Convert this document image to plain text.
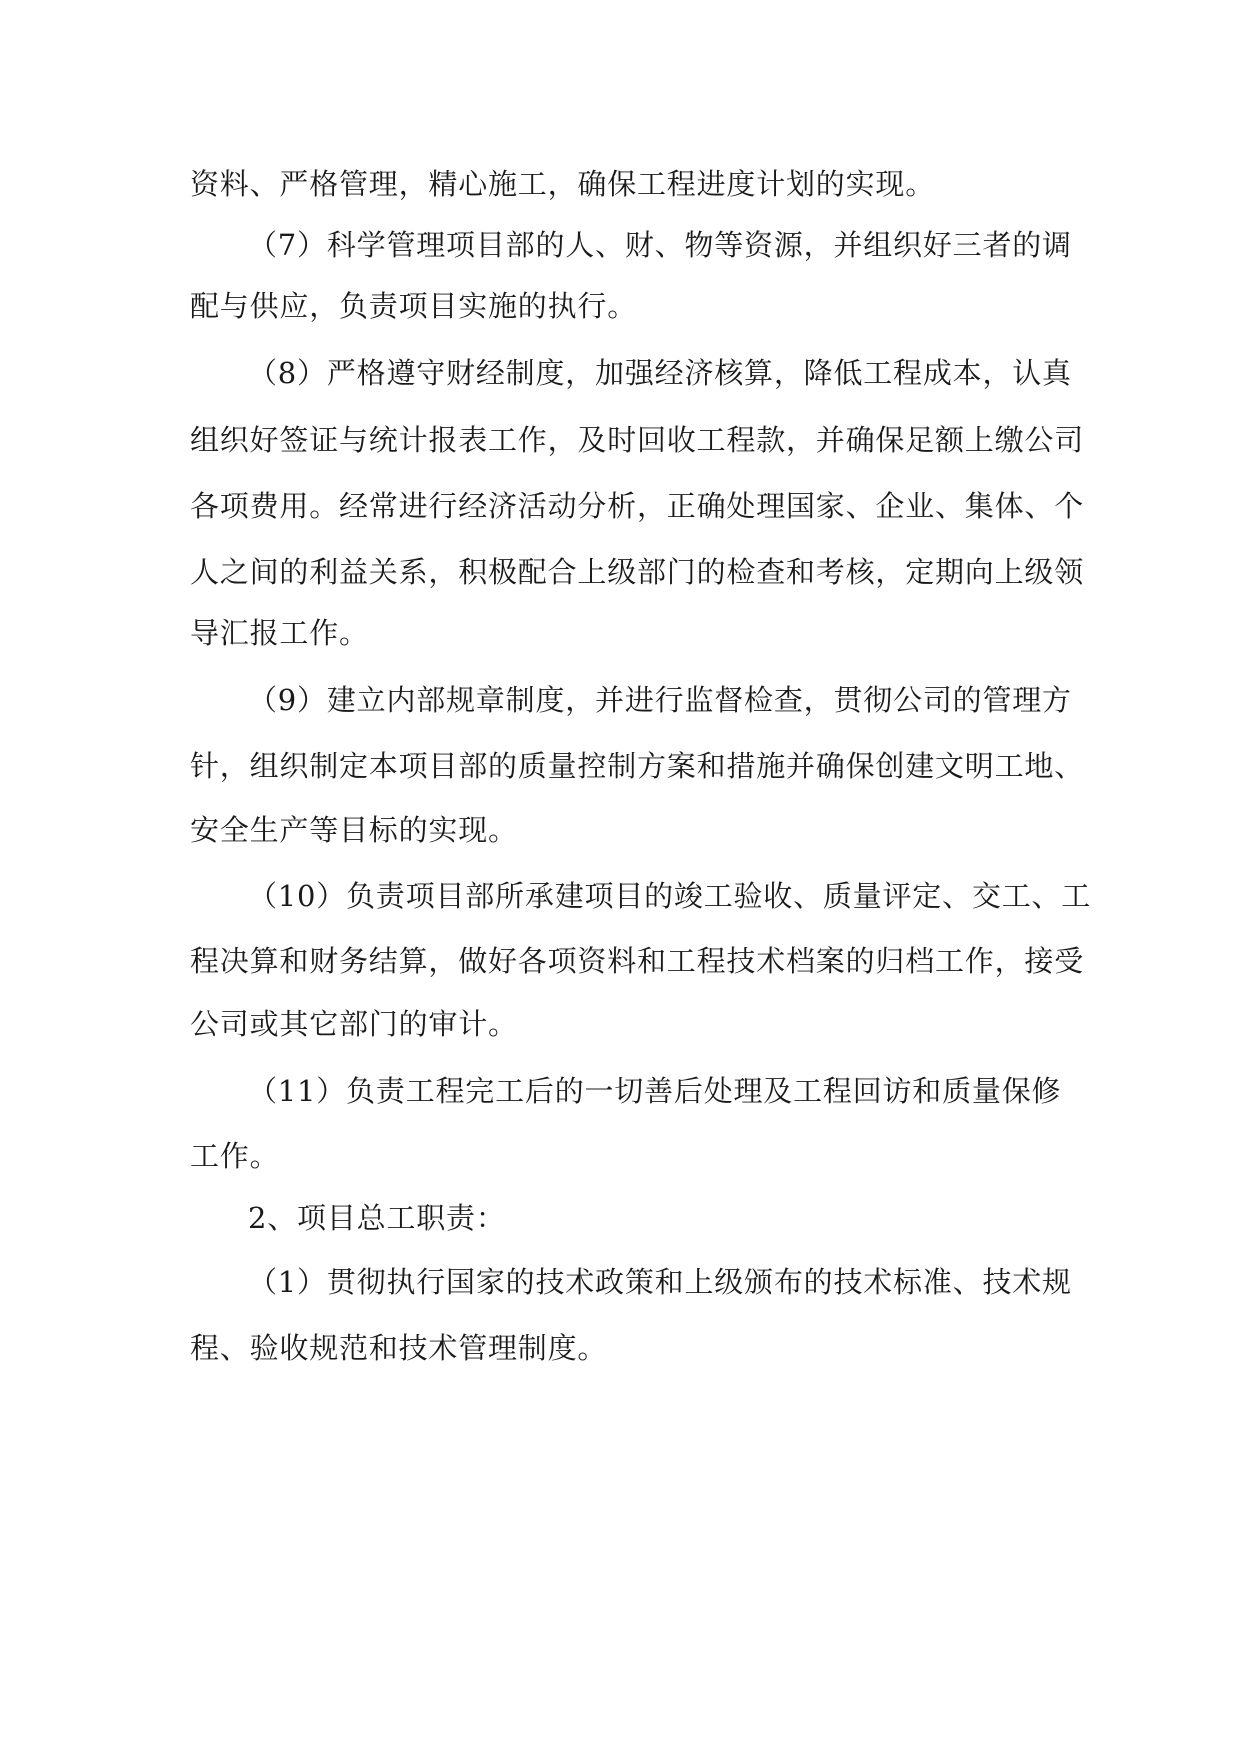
资料、严格管理，精心施工，确保工程进度计划的实现。
（7）科学管理项目部的人、财、物等资源，并组织好三者的调
配与供应，负责项目实施的执行。
（8）严格遵守财经制度，加强经济核算，降低工程成本，认真
组织好签证与统计报表工作，及时回收工程款，并确保足额上缴公司
各项费用。经常进行经济活动分析，正确处理国家、企业、集体、个
人之间的利益关系，积极配合上级部门的检查和考核，定期向上级领
导汇报工作。
（9）建立内部规章制度，并进行监督检查，贯彻公司的管理方
针，组织制定本项目部的质量控制方案和措施并确保创建文明工地、
安全生产等目标的实现。
（10）负责项目部所承建项目的竣工验收、质量评定、交工、工
程决算和财务结算，做好各项资料和工程技术档案的归档工作，接受
公司或其它部门的审计。
（11）负责工程完工后的一切善后处理及工程回访和质量保修
工作。
2、项目总工职责：
（1）贯彻执行国家的技术政策和上级颁布的技术标准、技术规
程、验收规范和技术管理制度。
